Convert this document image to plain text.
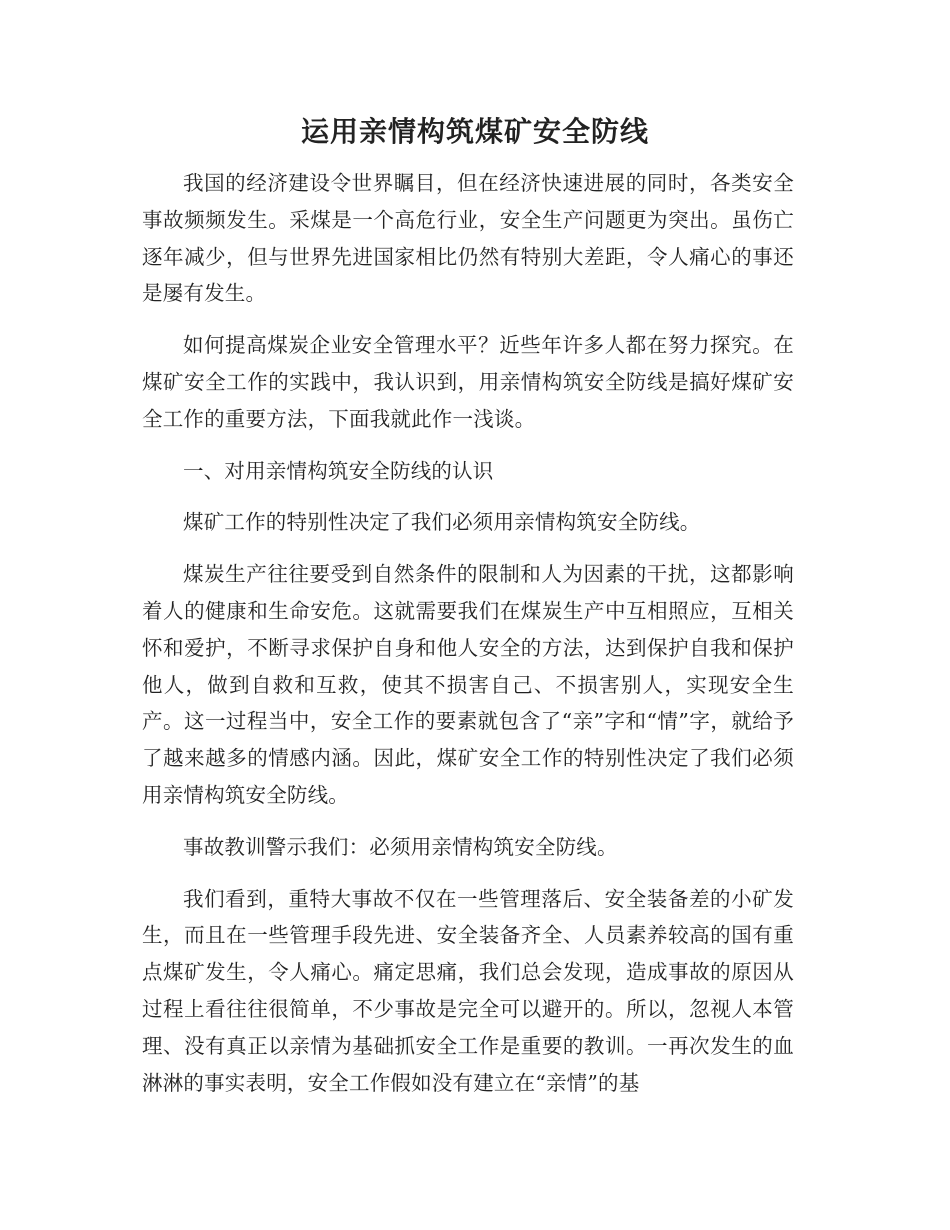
运用亲情构筑煤矿安全防线

我国的经济建设令世界瞩目，但在经济快速进展的同时，各类安全事故频频发生。采煤是一个高危行业，安全生产问题更为突出。虽伤亡逐年减少，但与世界先进国家相比仍然有特别大差距，令人痛心的事还是屡有发生。

如何提高煤炭企业安全管理水平？近些年许多人都在努力探究。在煤矿安全工作的实践中，我认识到，用亲情构筑安全防线是搞好煤矿安全工作的重要方法，下面我就此作一浅谈。

一、对用亲情构筑安全防线的认识

煤矿工作的特别性决定了我们必须用亲情构筑安全防线。

煤炭生产往往要受到自然条件的限制和人为因素的干扰，这都影响着人的健康和生命安危。这就需要我们在煤炭生产中互相照应，互相关怀和爱护，不断寻求保护自身和他人安全的方法，达到保护自我和保护他人，做到自救和互救，使其不损害自己、不损害别人，实现安全生产。这一过程当中，安全工作的要素就包含了“亲”字和“情”字，就给予了越来越多的情感内涵。因此，煤矿安全工作的特别性决定了我们必须用亲情构筑安全防线。

事故教训警示我们：必须用亲情构筑安全防线。

我们看到，重特大事故不仅在一些管理落后、安全装备差的小矿发生，而且在一些管理手段先进、安全装备齐全、人员素养较高的国有重点煤矿发生，令人痛心。痛定思痛，我们总会发现，造成事故的原因从过程上看往往很简单，不少事故是完全可以避开的。所以，忽视人本管理、没有真正以亲情为基础抓安全工作是重要的教训。一再次发生的血淋淋的事实表明，安全工作假如没有建立在“亲情”的基
